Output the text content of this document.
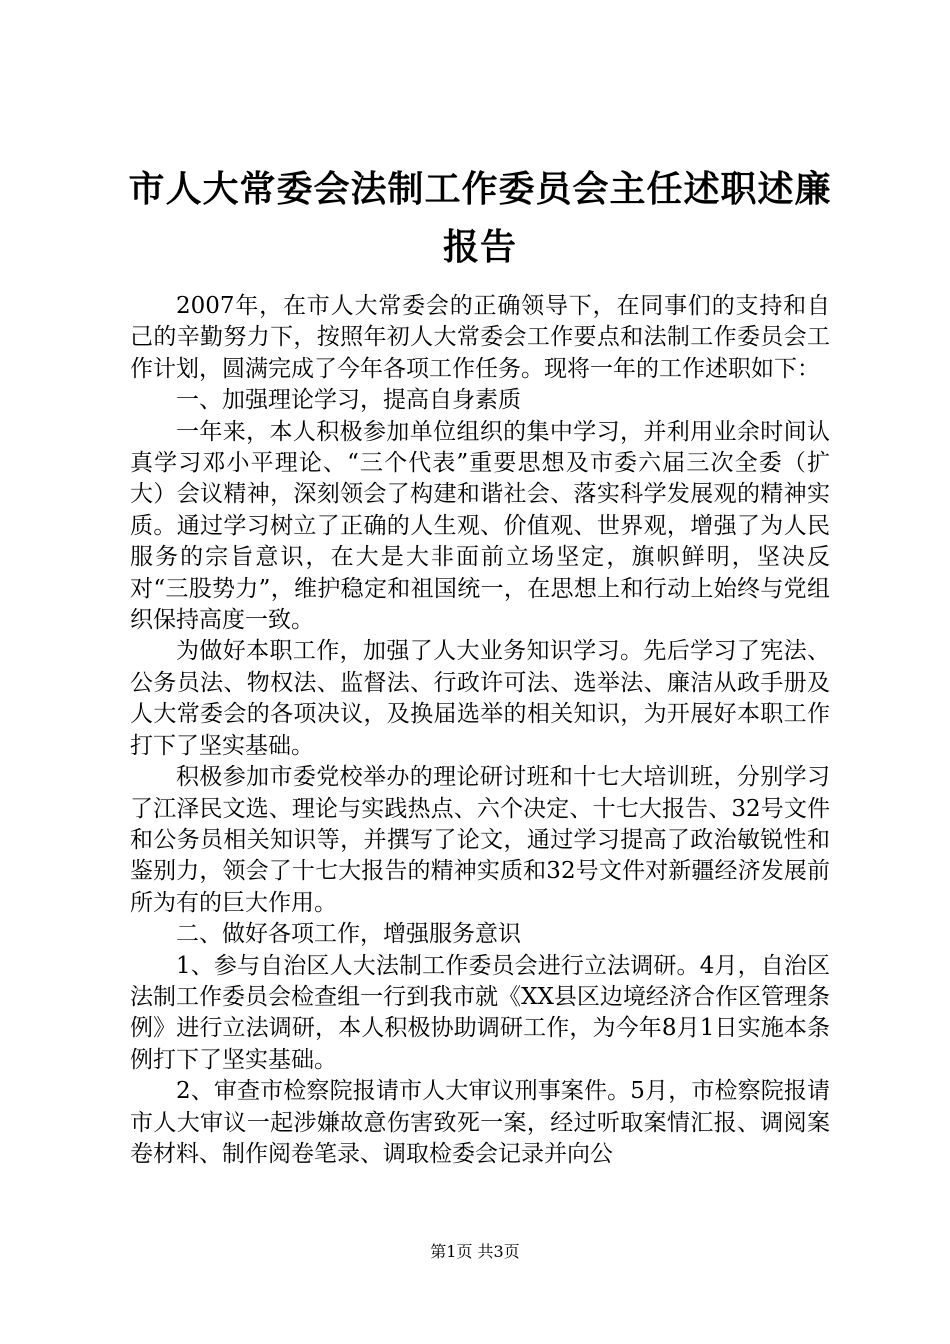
市人大常委会法制工作委员会主任述职述廉报告

2007年，在市人大常委会的正确领导下，在同事们的支持和自己的辛勤努力下，按照年初人大常委会工作要点和法制工作委员会工作计划，圆满完成了今年各项工作任务。现将一年的工作述职如下：

一、加强理论学习，提高自身素质

一年来，本人积极参加单位组织的集中学习，并利用业余时间认真学习邓小平理论、“三个代表”重要思想及市委六届三次全委（扩大）会议精神，深刻领会了构建和谐社会、落实科学发展观的精神实质。通过学习树立了正确的人生观、价值观、世界观，增强了为人民服务的宗旨意识，在大是大非面前立场坚定，旗帜鲜明，坚决反对“三股势力”，维护稳定和祖国统一，在思想上和行动上始终与党组织保持高度一致。

为做好本职工作，加强了人大业务知识学习。先后学习了宪法、公务员法、物权法、监督法、行政许可法、选举法、廉洁从政手册及人大常委会的各项决议，及换届选举的相关知识，为开展好本职工作打下了坚实基础。

积极参加市委党校举办的理论研讨班和十七大培训班，分别学习了江泽民文选、理论与实践热点、六个决定、十七大报告、32号文件和公务员相关知识等，并撰写了论文，通过学习提高了政治敏锐性和鉴别力，领会了十七大报告的精神实质和32号文件对新疆经济发展前所为有的巨大作用。

二、做好各项工作，增强服务意识

1、参与自治区人大法制工作委员会进行立法调研。4月，自治区法制工作委员会检查组一行到我市就《XX县区边境经济合作区管理条例》进行立法调研，本人积极协助调研工作，为今年8月1日实施本条例打下了坚实基础。

2、审查市检察院报请市人大审议刑事案件。5月，市检察院报请市人大审议一起涉嫌故意伤害致死一案，经过听取案情汇报、调阅案卷材料、制作阅卷笔录、调取检委会记录并向公

第1页 共3页
